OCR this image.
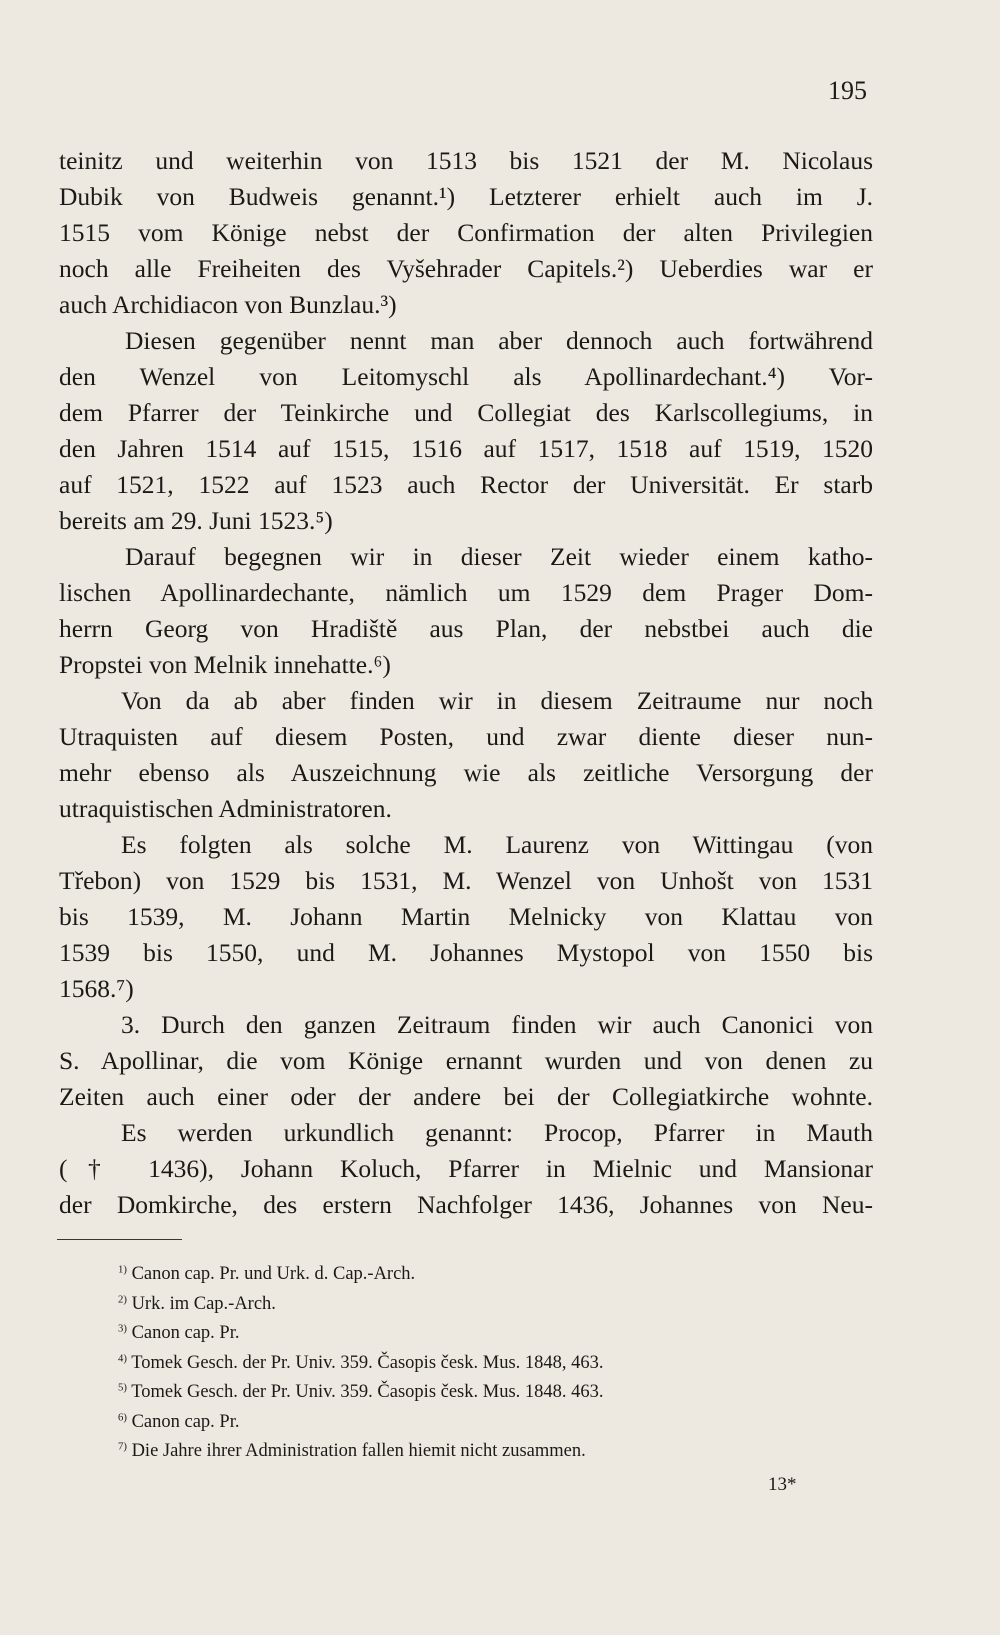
195
teinitz und weiterhin von 1513 bis 1521 der M. Nicolaus
Dubik von Budweis genannt.¹) Letzterer erhielt auch im J.
1515 vom Könige nebst der Confirmation der alten Privilegien
noch alle Freiheiten des Vyšehrader Capitels.²) Ueberdies war er
auch Archidiacon von Bunzlau.³)
Diesen gegenüber nennt man aber dennoch auch fortwährend
den Wenzel von Leitomyschl als Apollinardechant.⁴) Vor-
dem Pfarrer der Teinkirche und Collegiat des Karlscollegiums, in
den Jahren 1514 auf 1515, 1516 auf 1517, 1518 auf 1519, 1520
auf 1521, 1522 auf 1523 auch Rector der Universität. Er starb
bereits am 29. Juni 1523.⁵)
Darauf begegnen wir in dieser Zeit wieder einem katho-
lischen Apollinardechante, nämlich um 1529 dem Prager Dom-
herrn Georg von Hradiště aus Plan, der nebstbei auch die
Propstei von Melnik innehatte.⁶)
Von da ab aber finden wir in diesem Zeitraume nur noch
Utraquisten auf diesem Posten, und zwar diente dieser nun-
mehr ebenso als Auszeichnung wie als zeitliche Versorgung der
utraquistischen Administratoren.
Es folgten als solche M. Laurenz von Wittingau (von
Třebon) von 1529 bis 1531, M. Wenzel von Unhošt von 1531
bis 1539, M. Johann Martin Melnicky von Klattau von
1539 bis 1550, und M. Johannes Mystopol von 1550 bis
1568.⁷)
3. Durch den ganzen Zeitraum finden wir auch Canonici von
S. Apollinar, die vom Könige ernannt wurden und von denen zu
Zeiten auch einer oder der andere bei der Collegiatkirche wohnte.
Es werden urkundlich genannt: Procop, Pfarrer in Mauth
(† 1436), Johann Koluch, Pfarrer in Mielnic und Mansionar
der Domkirche, des erstern Nachfolger 1436, Johannes von Neu-
$^{1)}$ Canon cap. Pr. und Urk. d. Cap.-Arch.
$^{2)}$ Urk. im Cap.-Arch.
$^{3)}$ Canon cap. Pr.
$^{4)}$ Tomek Gesch. der Pr. Univ. 359. Časopis česk. Mus. 1848, 463.
$^{5)}$ Tomek Gesch. der Pr. Univ. 359. Časopis česk. Mus. 1848. 463.
$^{6)}$ Canon cap. Pr.
$^{7)}$ Die Jahre ihrer Administration fallen hiemit nicht zusammen.
13*
